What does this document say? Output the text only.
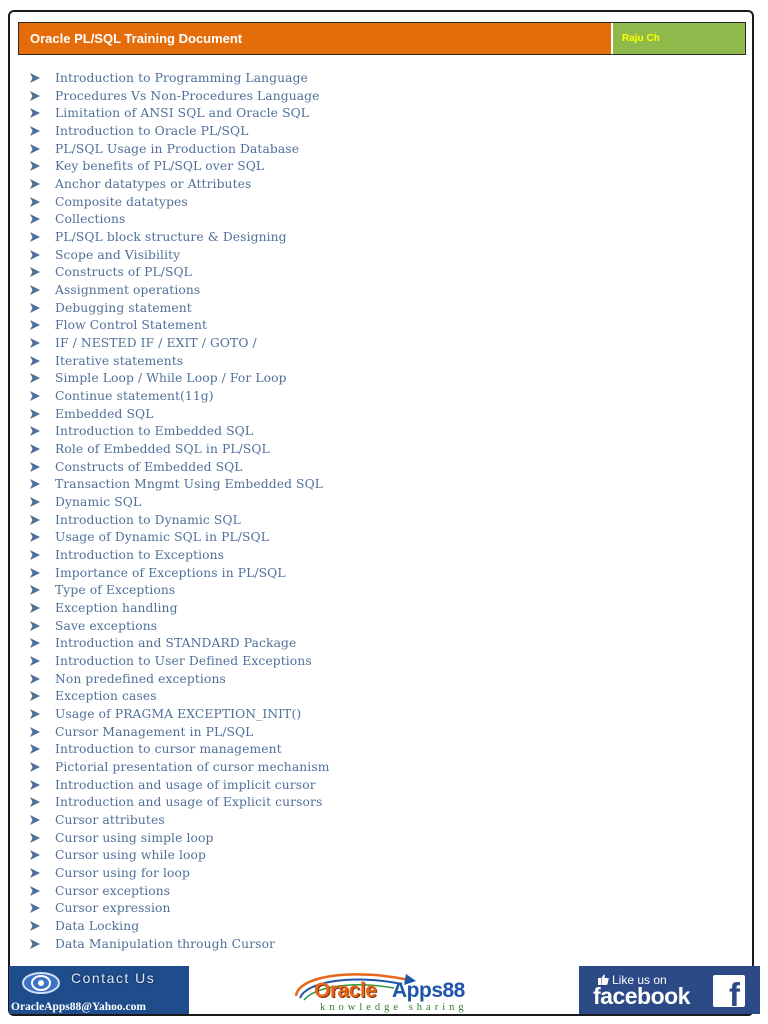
Oracle PL/SQL Training Document	Raju Ch
Introduction to Programming Language
Procedures Vs Non-Procedures Language
Limitation of ANSI SQL and Oracle SQL
Introduction to Oracle PL/SQL
PL/SQL Usage in Production Database
Key benefits of PL/SQL over SQL
Anchor datatypes or Attributes
Composite datatypes
Collections
PL/SQL block structure & Designing
Scope and Visibility
Constructs of PL/SQL
Assignment operations
Debugging statement
Flow Control Statement
IF / NESTED IF / EXIT / GOTO /
Iterative statements
Simple Loop / While Loop / For Loop
Continue statement(11g)
Embedded SQL
Introduction to Embedded SQL
Role of Embedded SQL in PL/SQL
Constructs of Embedded SQL
Transaction Mngmt Using Embedded SQL
Dynamic SQL
Introduction to Dynamic SQL
Usage of Dynamic SQL in PL/SQL
Introduction to Exceptions
Importance of Exceptions in PL/SQL
Type of Exceptions
Exception handling
Save exceptions
Introduction and STANDARD Package
Introduction to User Defined Exceptions
Non predefined exceptions
Exception cases
Usage of PRAGMA EXCEPTION_INIT()
Cursor Management in PL/SQL
Introduction to cursor management
Pictorial presentation of cursor mechanism
Introduction and usage of implicit cursor
Introduction and usage of Explicit cursors
Cursor attributes
Cursor using simple loop
Cursor using while loop
Cursor using for loop
Cursor exceptions
Cursor expression
Data Locking
Data Manipulation through Cursor
Contact Us
OracleApps88@Yahoo.com
Oracle Apps88
knowledge sharing
Like us on
facebook f
